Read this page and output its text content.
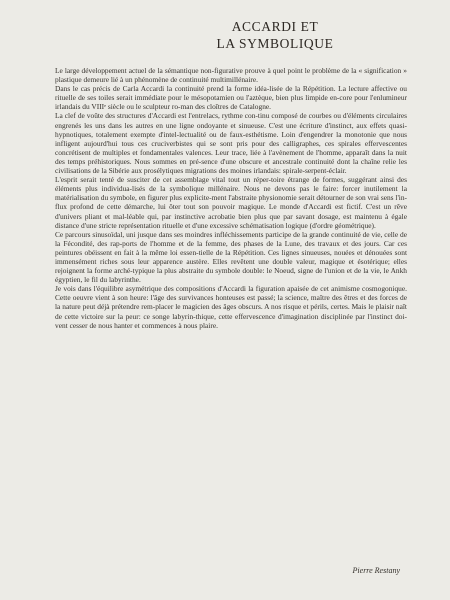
ACCARDI ET
LA SYMBOLIQUE

Le large développement actuel de la sémantique non-figurative prouve à quel point le problème de la « signification » plastique demeure lié à un phénomène de continuité multimillénaire.

Dans le cas précis de Carla Accardi la continuité prend la forme idéa-lisée de la Répétition. La lecture affective ou rituelle de ses toiles serait immédiate pour le mésopotamien ou l'aztèque, bien plus limpide en-core pour l'enlumineur irlandais du VIIIᵉ siècle ou le sculpteur ro-man des cloîtres de Catalogne.

La clef de voûte des structures d'Accardi est l'entrelacs, rythme con-tinu composé de courbes ou d'éléments circulaires engrenés les uns dans les autres en une ligne ondoyante et sinueuse. C'est une écriture d'instinct, aux effets quasi-hypnotiques, totalement exempte d'intel-lectualité ou de faux-esthétisme. Loin d'engendrer la monotonie que nous infligent aujourd'hui tous ces cruciverbistes qui se sont pris pour des calligraphes, ces spirales effervescentes concrétisent de multiples et fondamentales valences. Leur trace, liée à l'avènement de l'homme, apparaît dans la nuit des temps préhistoriques. Nous sommes en pré-sence d'une obscure et ancestrale continuité dont la chaîne relie les civilisations de la Sibérie aux prosélytiques migrations des moines irlandais: spirale-serpent-éclair.

L'esprit serait tenté de susciter de cet assemblage vital tout un réper-toire étrange de formes, suggérant ainsi des éléments plus individua-lisés de la symbolique millénaire. Nous ne devons pas le faire: forcer inutilement la matérialisation du symbole, en figurer plus explicite-ment l'abstraite physionomie serait détourner de son vrai sens l'in-flux profond de cette démarche, lui ôter tout son pouvoir magique. Le monde d'Accardi est fictif. C'est un rêve d'univers pliant et mal-léable qui, par instinctive acrobatie bien plus que par savant dosage, est maintenu à égale distance d'une stricte représentation rituelle et d'une excessive schématisation logique (d'ordre géométrique).

Ce parcours sinusoïdal, uni jusque dans ses moindres infléchissements participe de la grande continuité de vie, celle de la Fécondité, des rap-ports de l'homme et de la femme, des phases de la Lune, des travaux et des jours. Car ces peintures obéissent en fait à la même loi essen-tielle de la Répétition. Ces lignes sinueuses, nouées et dénouées sont immensément riches sous leur apparence austère. Elles revêtent une double valeur, magique et ésotérique; elles rejoignent la forme arché-typique la plus abstraite du symbole double: le Noeud, signe de l'union et de la vie, le Ankh égyptien, le fil du labyrinthe.

Je vois dans l'équilibre asymétrique des compositions d'Accardi la figuration apaisée de cet animisme cosmogonique. Cette oeuvre vient à son heure: l'âge des survivances honteuses est passé; la science, maître des êtres et des forces de la nature peut déjà prétendre rem-placer le magicien des âges obscurs. A nos risque et périls, certes. Mais le plaisir naît de cette victoire sur la peur: ce songe labyrin-thique, cette effervescence d'imagination disciplinée par l'instinct doi-vent cesser de nous hanter et commences à nous plaire.

Pierre Restany
